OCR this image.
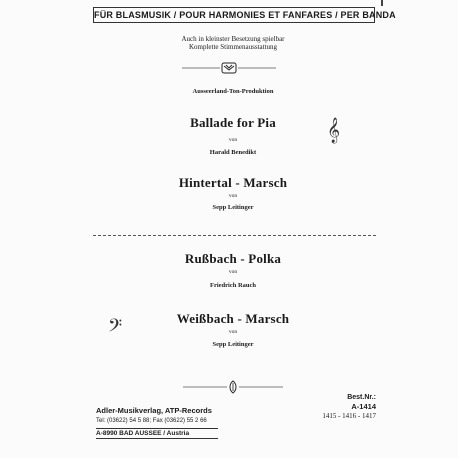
FÜR BLASMUSIK / POUR HARMONIES ET FANFARES / PER BANDA
Auch in kleinster Besetzung spielbar
Komplette Stimmenausstattung
Ausseerland-Ton-Produktion
Ballade for Pia
von
Harald Benedikt
Hintertal - Marsch
von
Sepp Leitinger
𝄞
Rußbach - Polka
von
Friedrich Rauch
𝄢	Weißbach - Marsch
von
Sepp Leitinger
Adler-Musikverlag, ATP-Records
Tel: (03622) 54 5 88; Fax (03622) 55 2 66
A-8990 BAD AUSSEE / Austria
Best.Nr.:
A-1414
1415 - 1416 - 1417
